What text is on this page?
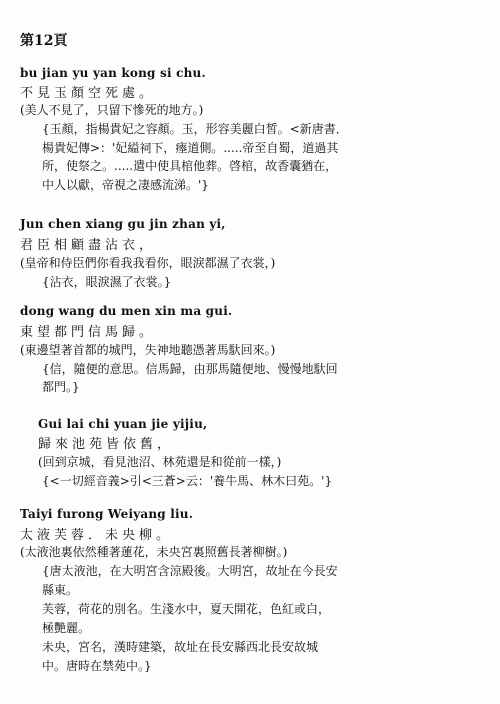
第12頁
bu jian yu yan kong si chu.
不見玉顏空死處。
(美人不見了，只留下慘死的地方。)
{玉顏，指楊貴妃之容顏。玉，形容美麗白皙。<新唐書．
楊貴妃傳>：'妃縊祠下，瘞道側。.....帝至自蜀，道過其
所，使祭之。.....遣中使具棺他葬。啓棺，故香囊猶在，
中人以獻，帝視之凄感流涕。'}
Jun chen xiang gu jin zhan yi,
君臣相顧盡沾衣，
(皇帝和侍臣們你看我我看你，眼淚都濕了衣裳，)
{沾衣，眼淚濕了衣裳。}
dong wang du men xin ma gui.
東望都門信馬歸。
(東邊望著首都的城門，失神地聽憑著馬馱回來。)
{信，隨便的意思。信馬歸，由那馬隨便地、慢慢地馱回
都門。}
Gui lai chi yuan jie yijiu,
歸來池苑皆依舊，
(回到京城，看見池沼、林苑還是和從前一樣，)
{<一切經音義>引<三蒼>云：'養牛馬、林木曰苑。'}
Taiyi furong Weiyang liu.
太液芙蓉．未央柳。
(太液池裏依然種著蓮花，未央宮裏照舊長著柳樹。)
{唐太液池，在大明宮含涼殿後。大明宮，故址在今長安
縣東。
芙蓉，荷花的別名。生淺水中，夏天開花，色紅或白，
極艷麗。
未央，宮名，漢時建築，故址在長安縣西北長安故城
中。唐時在禁苑中。}
